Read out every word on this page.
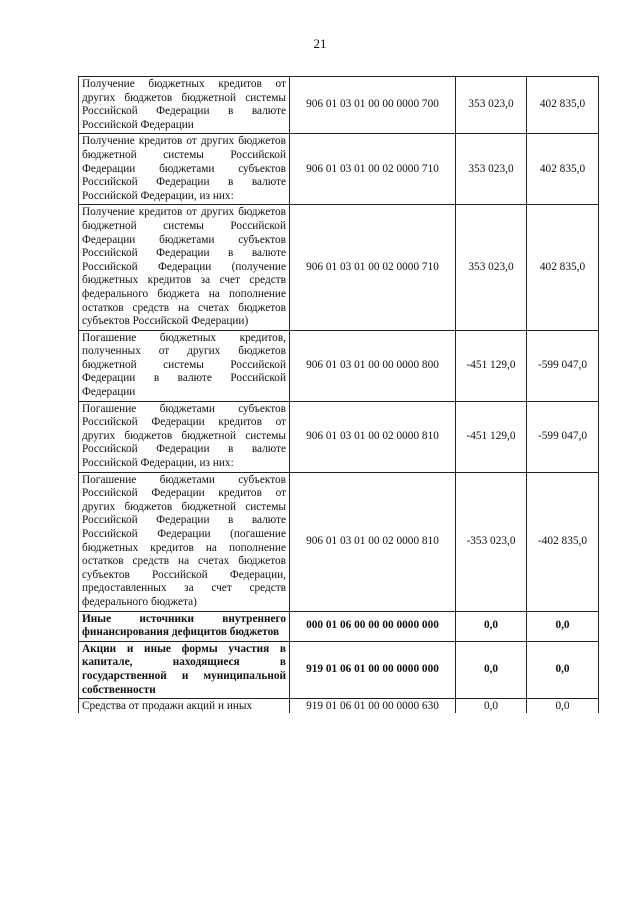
21
Получение бюджетных кредитов от других бюджетов бюджетной системы Российской Федерации в валюте Российской Федерации	906 01 03 01 00 00 0000 700	353 023,0	402 835,0
Получение кредитов от других бюджетов бюджетной системы Российской Федерации бюджетами субъектов Российской Федерации в валюте Российской Федерации, из них:	906 01 03 01 00 02 0000 710	353 023,0	402 835,0
Получение кредитов от других бюджетов бюджетной системы Российской Федерации бюджетами субъектов Российской Федерации в валюте Российской Федерации (получение бюджетных кредитов за счет средств федерального бюджета на пополнение остатков средств на счетах бюджетов субъектов Российской Федерации)	906 01 03 01 00 02 0000 710	353 023,0	402 835,0
Погашение бюджетных кредитов, полученных от других бюджетов бюджетной системы Российской Федерации в валюте Российской Федерации	906 01 03 01 00 00 0000 800	-451 129,0	-599 047,0
Погашение бюджетами субъектов Российской Федерации кредитов от других бюджетов бюджетной системы Российской Федерации в валюте Российской Федерации, из них:	906 01 03 01 00 02 0000 810	-451 129,0	-599 047,0
Погашение бюджетами субъектов Российской Федерации кредитов от других бюджетов бюджетной системы Российской Федерации в валюте Российской Федерации (погашение бюджетных кредитов на пополнение остатков средств на счетах бюджетов субъектов Российской Федерации, предоставленных за счет средств федерального бюджета)	906 01 03 01 00 02 0000 810	-353 023,0	-402 835,0
Иные источники внутреннего финансирования дефицитов бюджетов	000 01 06 00 00 00 0000 000	0,0	0,0
Акции и иные формы участия в капитале, находящиеся в государственной и муниципальной собственности	919 01 06 01 00 00 0000 000	0,0	0,0
Средства от продажи акций и иных	919 01 06 01 00 00 0000 630	0,0	0,0
